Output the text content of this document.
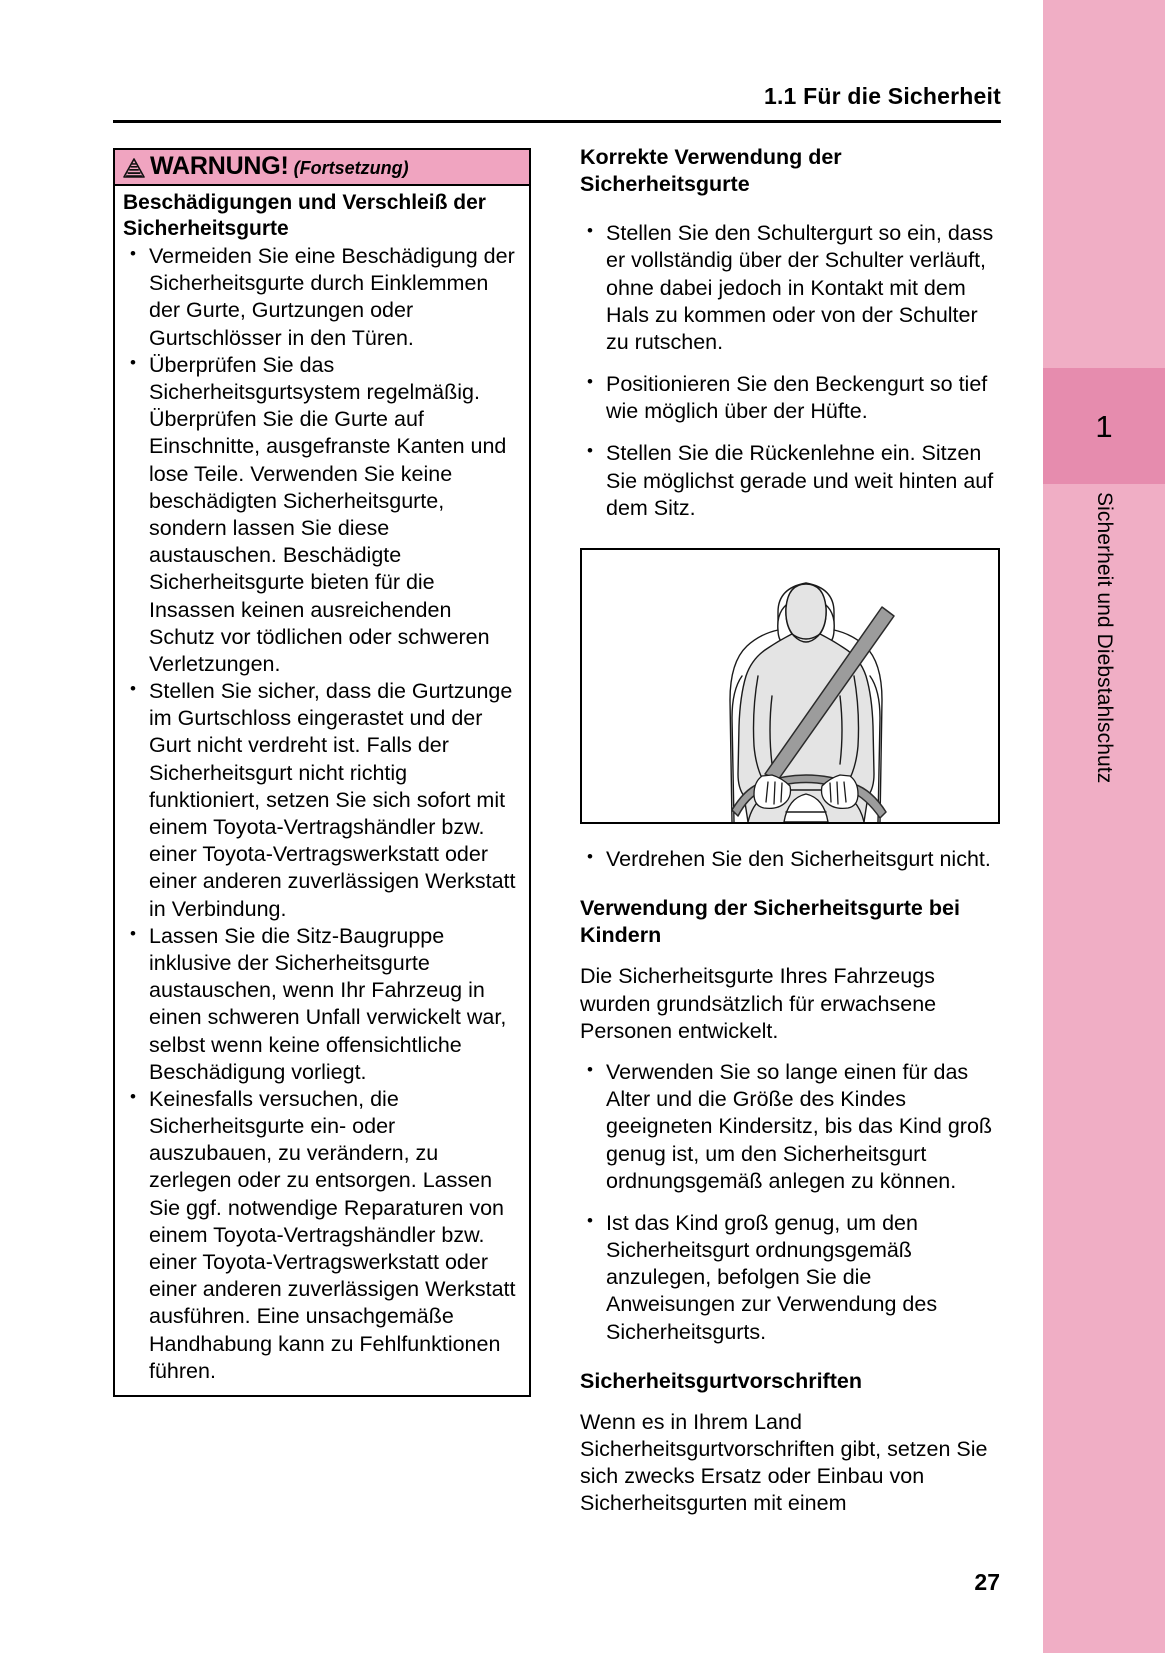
1
Sicherheit und Diebstahlschutz
1.1 Für die Sicherheit
WARNUNG! (Fortsetzung)
Beschädigungen und Verschleiß der Sicherheitsgurte
• Vermeiden Sie eine Beschädigung der Sicherheitsgurte durch Einklemmen der Gurte, Gurtzungen oder Gurtschlösser in den Türen.
• Überprüfen Sie das Sicherheitsgurtsystem regelmäßig. Überprüfen Sie die Gurte auf Einschnitte, ausgefranste Kanten und lose Teile. Verwenden Sie keine beschädigten Sicherheitsgurte, sondern lassen Sie diese austauschen. Beschädigte Sicherheitsgurte bieten für die Insassen keinen ausreichenden Schutz vor tödlichen oder schweren Verletzungen.
• Stellen Sie sicher, dass die Gurtzunge im Gurtschloss eingerastet und der Gurt nicht verdreht ist. Falls der Sicherheitsgurt nicht richtig funktioniert, setzen Sie sich sofort mit einem Toyota-Vertragshändler bzw. einer Toyota-Vertragswerkstatt oder einer anderen zuverlässigen Werkstatt in Verbindung.
• Lassen Sie die Sitz-Baugruppe inklusive der Sicherheitsgurte austauschen, wenn Ihr Fahrzeug in einen schweren Unfall verwickelt war, selbst wenn keine offensichtliche Beschädigung vorliegt.
• Keinesfalls versuchen, die Sicherheitsgurte ein- oder auszubauen, zu verändern, zu zerlegen oder zu entsorgen. Lassen Sie ggf. notwendige Reparaturen von einem Toyota-Vertragshändler bzw. einer Toyota-Vertragswerkstatt oder einer anderen zuverlässigen Werkstatt ausführen. Eine unsachgemäße Handhabung kann zu Fehlfunktionen führen.
Korrekte Verwendung der Sicherheitsgurte
• Stellen Sie den Schultergurt so ein, dass er vollständig über der Schulter verläuft, ohne dabei jedoch in Kontakt mit dem Hals zu kommen oder von der Schulter zu rutschen.
• Positionieren Sie den Beckengurt so tief wie möglich über der Hüfte.
• Stellen Sie die Rückenlehne ein. Sitzen Sie möglichst gerade und weit hinten auf dem Sitz.
• Verdrehen Sie den Sicherheitsgurt nicht.
Verwendung der Sicherheitsgurte bei Kindern

Die Sicherheitsgurte Ihres Fahrzeugs wurden grundsätzlich für erwachsene Personen entwickelt.

• Verwenden Sie so lange einen für das Alter und die Größe des Kindes geeigneten Kindersitz, bis das Kind groß genug ist, um den Sicherheitsgurt ordnungsgemäß anlegen zu können.
• Ist das Kind groß genug, um den Sicherheitsgurt ordnungsgemäß anzulegen, befolgen Sie die Anweisungen zur Verwendung des Sicherheitsgurts.
Sicherheitsgurtvorschriften

Wenn es in Ihrem Land Sicherheitsgurtvorschriften gibt, setzen Sie sich zwecks Ersatz oder Einbau von Sicherheitsgurten mit einem

27
